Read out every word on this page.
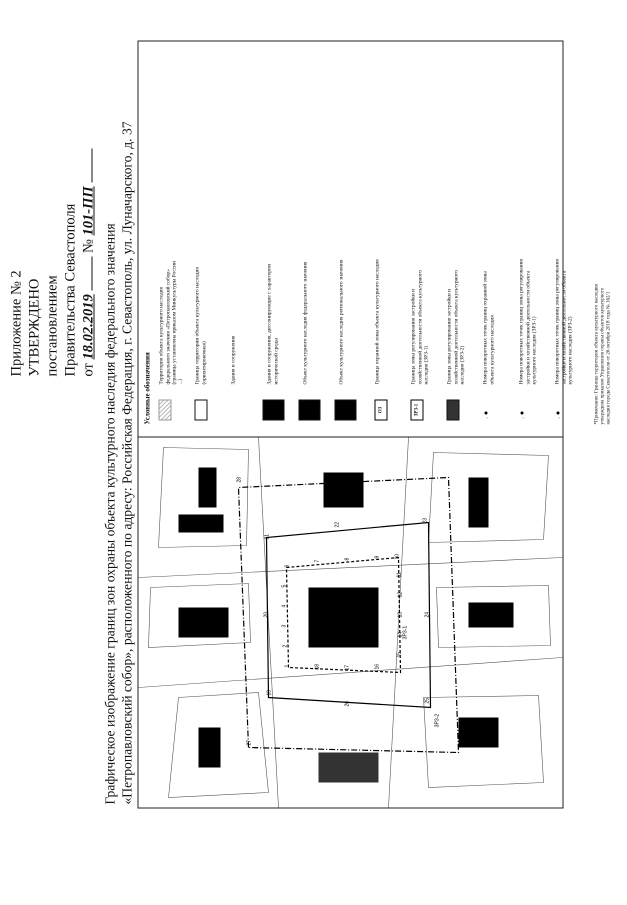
Приложение № 2 УТВЕРЖДЕНО постановлением Правительства Севастополя от 18.02.2019  № 101-ПП
Графическое изображение границ зон охраны объекта культурного наследия федерального значения «Петропавловский собор», расположенного по адресу: Российская Федерация, г. Севастополь, ул. Луначарского, д. 37	ЗРЗ-1
ОЗ
ЗРЗ-2
1
2
3
4
5
6
7
8
9	10
11
12
13
14
15
16
17
18
19
20
21
22
23
24
25
26
27
28
Условные обозначения
Территория объекта культурного наследия федерального значения «Петропавловский собор» (граница установлена приказом Минкультуры России ...) Граница территории объекта культурного наследия (ориентировочная)	Здания и сооружения	Здания и сооружения, диссонирующие с характером исторической среды	Объект культурного наследия федерального значения	Объект культурного наследия регионального значения
ОЗ
Граница охранной зоны объекта культурного наследия
ЗРЗ-1
Граница зоны регулирования застройки и хозяйственной деятельности объекта культурного наследия (ЗРЗ-1)	Граница зоны регулирования застройки и хозяйственной деятельности объекта культурного наследия (ЗРЗ-2)
.
Номера поворотных точек границ охранной зоны объекта культурного наследия
.
Номера поворотных точек границ зоны регулирования застройки и хозяйственной деятельности объекта культурного наследия (ЗРЗ-1)
.
Номера поворотных точек границ зоны регулирования застройки и хозяйственной деятельности объекта культурного наследия (ЗРЗ-2)	*Примечание: Граница территории объекта культурного наследия утверждена приказом Управления охраны объектов культурного наследия города Севастополя от 26 октября 2018 года № 162/1
